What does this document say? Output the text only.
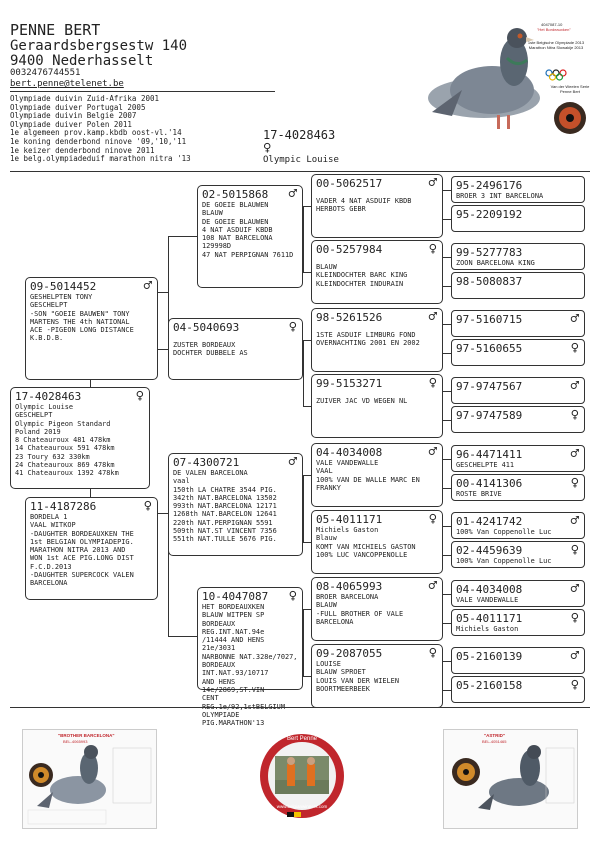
PENNE BERT
Geraardsbergsestw 140
9400 Nederhasselt
0032476744551
bert.penne@telenet.be
Olympiade duivin Zuid-Afrika 2001
Olympiade duiver Portugal 2005
Olympiade duivin Belgie 2007
Olympiade duiver Polen 2011
1e algemeen prov.kamp.kbdb oost-vl.'14
1e koning denderbond ninove '09,'10,'11
1e keizer denderbond ninove 2011
1e belg.olympiadeduif marathon nitra '13
17-4028463
♀
Olympic Louise
4047087-10
"Het Bordeauxken"
1ste Belgische Olympiade 2013 Marathon Nitra Slowakije 2013
Van der Weelen Serie Penne Bert
17-4028463	♀
Olympic Louise
GESCHELPT
Olympic Pigeon Standard
Poland 2019
8 Chateauroux 481 478km
14 Chateauroux 591 478km
23 Toury 632 330km
24 Chateauroux 869 478km
41 Chateauroux 1392 478km
09-5014452	♂
GESHELPTEN TONY
GESCHELPT
-SON "GOEIE BAUWEN" TONY
MARTENS THE 4th NATIONAL
ACE -PIGEON LONG DISTANCE
K.B.D.B.
11-4187286	♀
BORDELA 1
VAAL WITKOP
-DAUGHTER BORDEAUXKEN THE
1st BELGIAN OLYMPIADEPIG.
MARATHON NITRA 2013 AND
WON 1st ACE PIG.LONG DIST
F.C.D.2013
-DAUGHTER SUPERCOCK VALEN
BARCELONA
02-5015868 ♂
DE GOEIE BLAUWEN
BLAUW
DE GOEIE BLAUWEN
4 NAT ASDUIF KBDB
108 NAT BARCELONA 129998D
47 NAT PERPIGNAN 7611D
04-5040693	♀
ZUSTER BORDEAUX
DOCHTER DUBBELE AS
07-4300721	♂
DE VALEN BARCELONA
vaal
150th LA CHATRE 3544 PIG.
342th NAT.BARCELONA 13502
993th NAT.BARCELONA 12171
1268th NAT.BARCELON 12641
220th NAT.PERPIGNAN 5591
509th NAT.ST VINCENT 7356
551th NAT.TULLE 5676 PIG.
10-4047087 ♀
HET BORDEAUXKEN
BLAUW WITPEN SP
BORDEAUX REG.INT.NAT.94e
/11444 AND HENS 21e/3031
NARBONNE NAT.328e/7027,
BORDEAUX INT.NAT.93/10717
AND HENS 14e/2869,ST.VIN
CENT
OLYMPIADE PIG.MARATHON'13
00-5062517	♂
VADER 4 NAT ASDUIF KBDB
HERBOTS GEBR
00-5257984	♀
BLAUW
KLEINDOCHTER BARC KING
KLEINDOCHTER INDURAIN
98-5261526	♂
1STE ASDUIF LIMBURG FOND
OVERNACHTING 2001 EN 2002
99-5153271	♀
ZUIVER JAC VD WEGEN NL
04-4034008	♂
VALE VANDEWALLE
VAAL
100% VAN DE WALLE MARC EN
FRANKY
05-4011171	♀
Michiels Gaston
Blauw
KOMT VAN MICHIELS GASTON
100% LUC VANCOPPENOLLE
08-4065993	♂
BROER BARCELONA
BLAUW
-FULL BROTHER OF VALE
BARCELONA
09-2087055	♀
LOUISE
BLAUW SPROET
LOUIS VAN DER WIELEN
BOORTMEERBEEK
95-2496176
BROER 3 INT BARCELONA
95-2209192
99-5277783
ZOON BARCELONA KING
98-5080837
97-5160715	♂
97-5160655	♀
97-9747567	♂
97-9747589	♀
96-4471411	♂
GESCHELPTE 411
00-4141306	♀
ROSTE BRIVE
01-4241742	♂
100% Van Coppenolle Luc
02-4459639	♀
100% Van Coppenolle Luc
04-4034008	♂
VALE VANDEWALLE
05-4011171	♀
Michiels Gaston
05-2160139	♂
05-2160158	♀
"BROTHER BARCELONA"
BEL-4065993	Bert Penne
www.belgianwinners.com
"ASTRID"
BEL-4051465
